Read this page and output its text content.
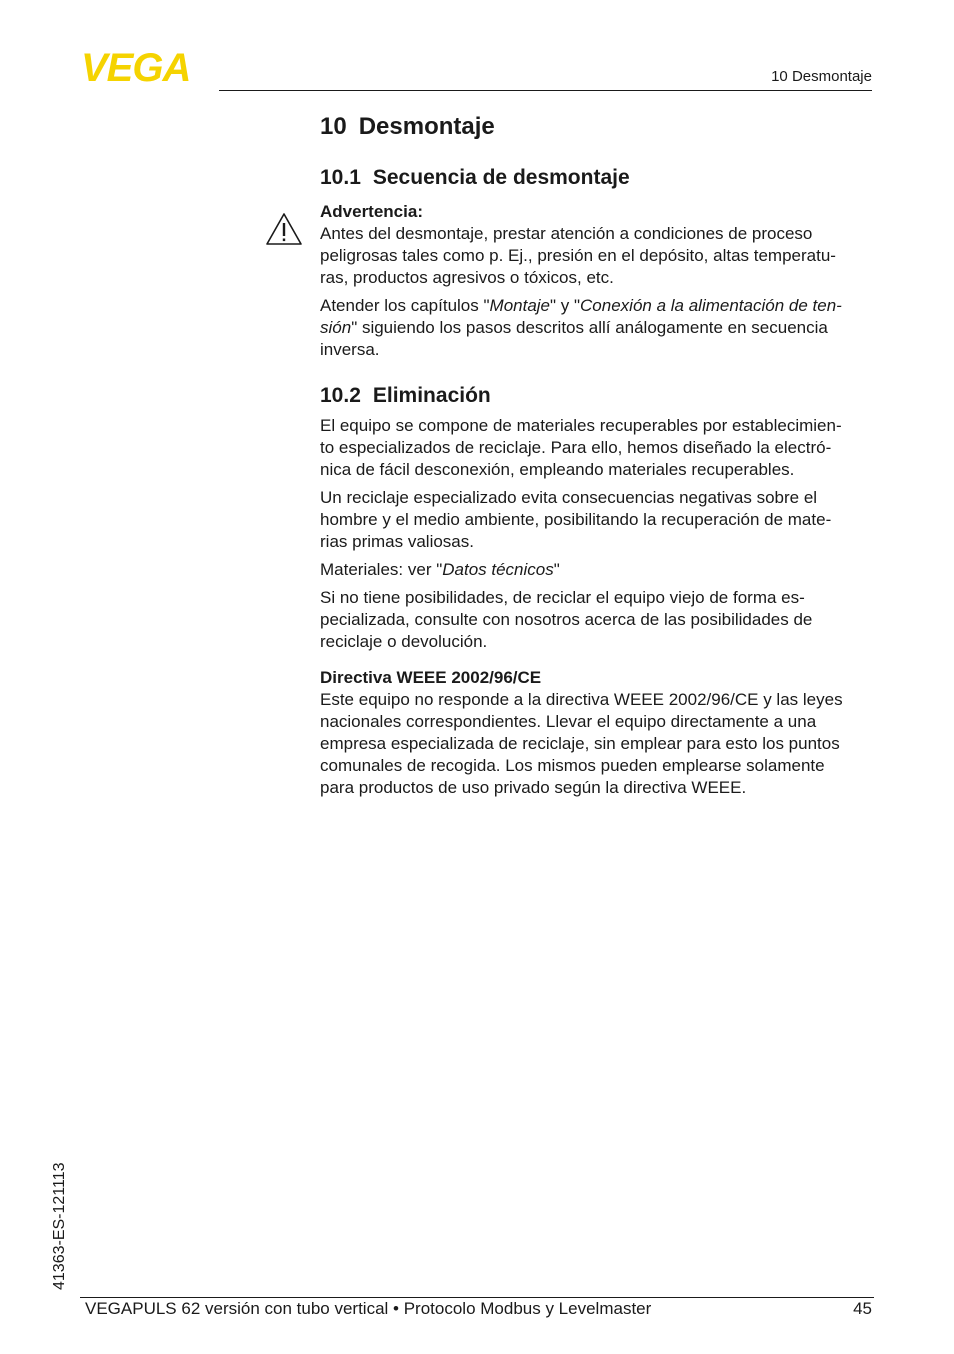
VEGA	10 Desmontaje
10 Desmontaje
10.1 Secuencia de desmontaje

Advertencia:
Antes del desmontaje, prestar atención a condiciones de proceso
peligrosas tales como p. Ej., presión en el depósito, altas temperatu-
ras, productos agresivos o tóxicos, etc.

Atender los capítulos "Montaje" y "Conexión a la alimentación de ten-
sión" siguiendo los pasos descritos allí análogamente en secuencia
inversa.

10.2 Eliminación

El equipo se compone de materiales recuperables por establecimien-
to especializados de reciclaje. Para ello, hemos diseñado la electró-
nica de fácil desconexión, empleando materiales recuperables.

Un reciclaje especializado evita consecuencias negativas sobre el
hombre y el medio ambiente, posibilitando la recuperación de mate-
rias primas valiosas.

Materiales: ver "Datos técnicos"

Si no tiene posibilidades, de reciclar el equipo viejo de forma es-
pecializada, consulte con nosotros acerca de las posibilidades de
reciclaje o devolución.

Directiva WEEE 2002/96/CE
Este equipo no responde a la directiva WEEE 2002/96/CE y las leyes
nacionales correspondientes. Llevar el equipo directamente a una
empresa especializada de reciclaje, sin emplear para esto los puntos
comunales de recogida. Los mismos pueden emplearse solamente
para productos de uso privado según la directiva WEEE.

41363-ES-121113
VEGAPULS 62 versión con tubo vertical • Protocolo Modbus y Levelmaster	45
